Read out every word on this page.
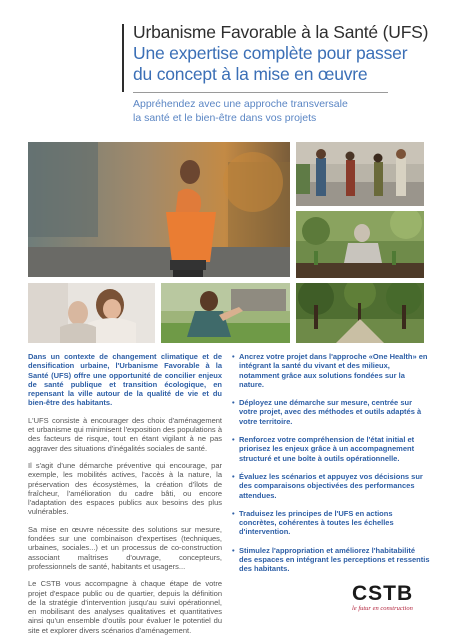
Urbanisme Favorable à la Santé (UFS)
Une expertise complète pour passer
du concept à la mise en œuvre
Appréhendez avec une approche transversale
la santé et le bien-être dans vos projets

Dans un contexte de changement climatique et de densification urbaine, l'Urbanisme Favorable à la Santé (UFS) offre une opportunité de concilier enjeux de santé publique et transition écologique, en repensant la ville autour de la qualité de vie et du bien-être des habitants.

L'UFS consiste à encourager des choix d'aménagement et urbanisme qui minimisent l'exposition des populations à des facteurs de risque, tout en étant vigilant à ne pas aggraver des situations d'inégalités sociales de santé.

Il s'agit d'une démarche préventive qui encourage, par exemple, les mobilités actives, l'accès à la nature, la préservation des écosystèmes, la création d'îlots de fraîcheur, l'amélioration du cadre bâti, ou encore l'adaptation des espaces publics aux besoins des plus vulnérables.

Sa mise en œuvre nécessite des solutions sur mesure, fondées sur une combinaison d'expertises (techniques, urbaines, sociales...) et un processus de co-construction associant maîtrises d'ouvrage, concepteurs, professionnels de santé, habitants et usagers...

Le CSTB vous accompagne à chaque étape de votre projet d'espace public ou de quartier, depuis la définition de la stratégie d'intervention jusqu'au suivi opérationnel, en mobilisant des analyses qualitatives et quantitatives ainsi qu'un ensemble d'outils pour évaluer le potentiel du site et explorer divers scénarios d'aménagement.

• Ancrez votre projet dans l'approche «One Health» en intégrant la santé du vivant et des milieux, notamment grâce aux solutions fondées sur la nature.
• Déployez une démarche sur mesure, centrée sur votre projet, avec des méthodes et outils adaptés à votre territoire.
• Renforcez votre compréhension de l'état initial et priorisez les enjeux grâce à un accompagnement structuré et une boîte à outils opérationnelle.
• Évaluez les scénarios et appuyez vos décisions sur des comparaisons objectivées des performances attendues.
• Traduisez les principes de l'UFS en actions concrètes, cohérentes à toutes les échelles d'intervention.
• Stimulez l'appropriation et améliorez l'habitabilité des espaces en intégrant les perceptions et ressentis des habitants.
CSTB
le futur en construction
